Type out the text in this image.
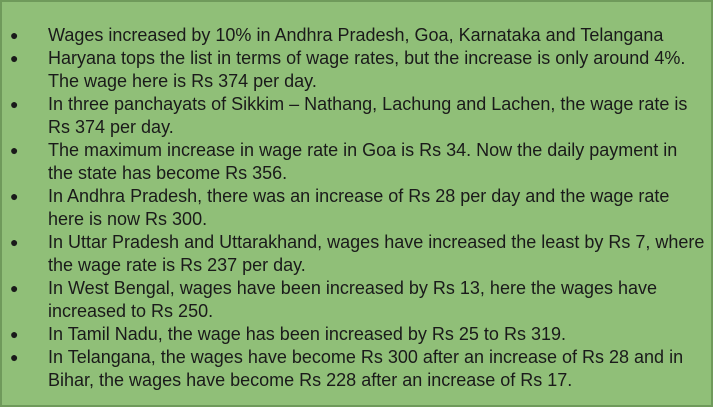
● Wages increased by 10% in Andhra Pradesh, Goa, Karnataka and Telangana
● Haryana tops the list in terms of wage rates, but the increase is only around 4%. The wage here is Rs 374 per day.
● In three panchayats of Sikkim – Nathang, Lachung and Lachen, the wage rate is Rs 374 per day.
● The maximum increase in wage rate in Goa is Rs 34. Now the daily payment in the state has become Rs 356.
● In Andhra Pradesh, there was an increase of Rs 28 per day and the wage rate here is now Rs 300.
● In Uttar Pradesh and Uttarakhand, wages have increased the least by Rs 7, where the wage rate is Rs 237 per day.
● In West Bengal, wages have been increased by Rs 13, here the wages have increased to Rs 250.
● In Tamil Nadu, the wage has been increased by Rs 25 to Rs 319.
● In Telangana, the wages have become Rs 300 after an increase of Rs 28 and in Bihar, the wages have become Rs 228 after an increase of Rs 17.
